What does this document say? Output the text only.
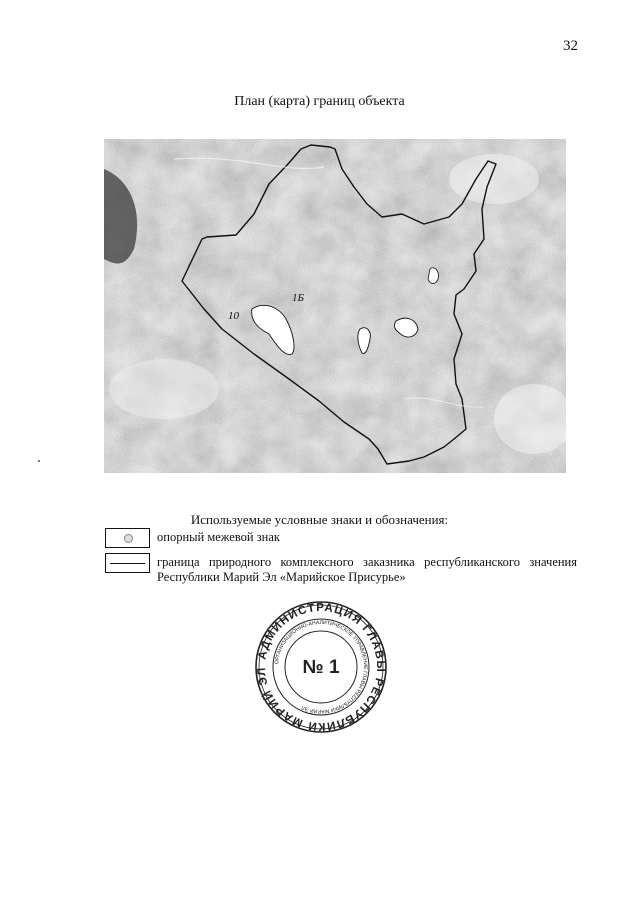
32
План (карта) границ объекта
10
1Б
Используемые условные знаки и обозначения:
опорный межевой знак
граница природного комплексного заказника республиканского значения Республики Марий Эл «Марийское Присурье»
АДМИНИСТРАЦИЯ ГЛАВЫ РЕСПУБЛИКИ МАРИЙ ЭЛ
ОРГАНИЗАЦИОННО-АНАЛИТИЧЕСКОЕ УПРАВЛЕНИЕ ГЛАВЫ РЕСПУБЛИКИ МАРИЙ ЭЛ
№ 1
